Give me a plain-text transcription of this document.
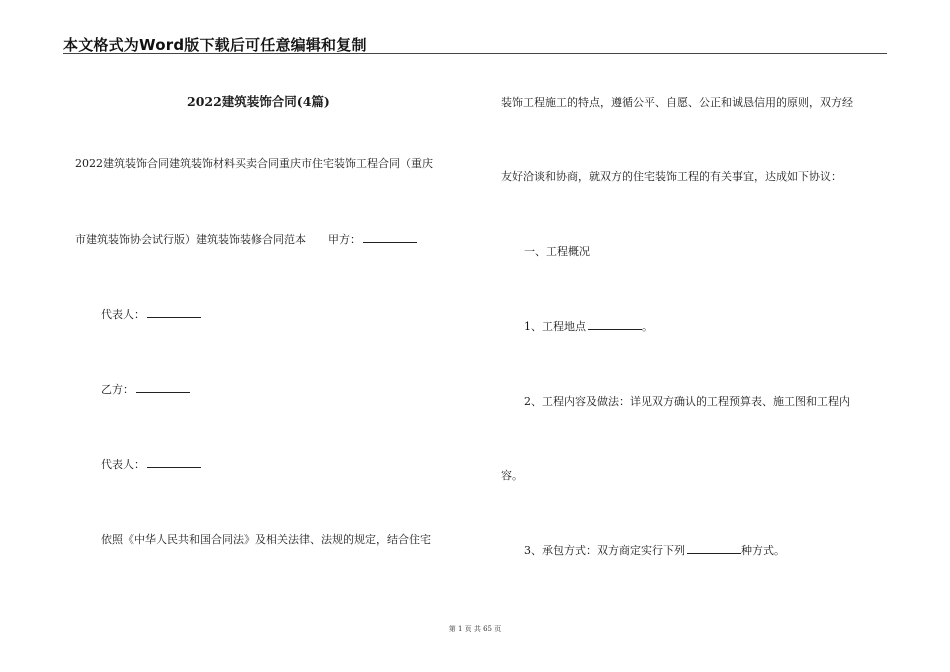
本文格式为Word版下载后可任意编辑和复制
2022建筑装饰合同(4篇)
2022建筑装饰合同建筑装饰材料买卖合同重庆市住宅装饰工程合同（重庆
市建筑装饰协会试行版）建筑装饰装修合同范本　　甲方：
代表人：
乙方：
代表人：
依照《中华人民共和国合同法》及相关法律、法规的规定，结合住宅
装饰工程施工的特点，遵循公平、自愿、公正和诚恳信用的原则，双方经
友好洽谈和协商，就双方的住宅装饰工程的有关事宜，达成如下协议：
一、工程概况
1、工程地点	。
2、工程内容及做法：详见双方确认的工程预算表、施工图和工程内
容。
3、承包方式：双方商定实行下列	种方式。
第 1 页 共 65 页
